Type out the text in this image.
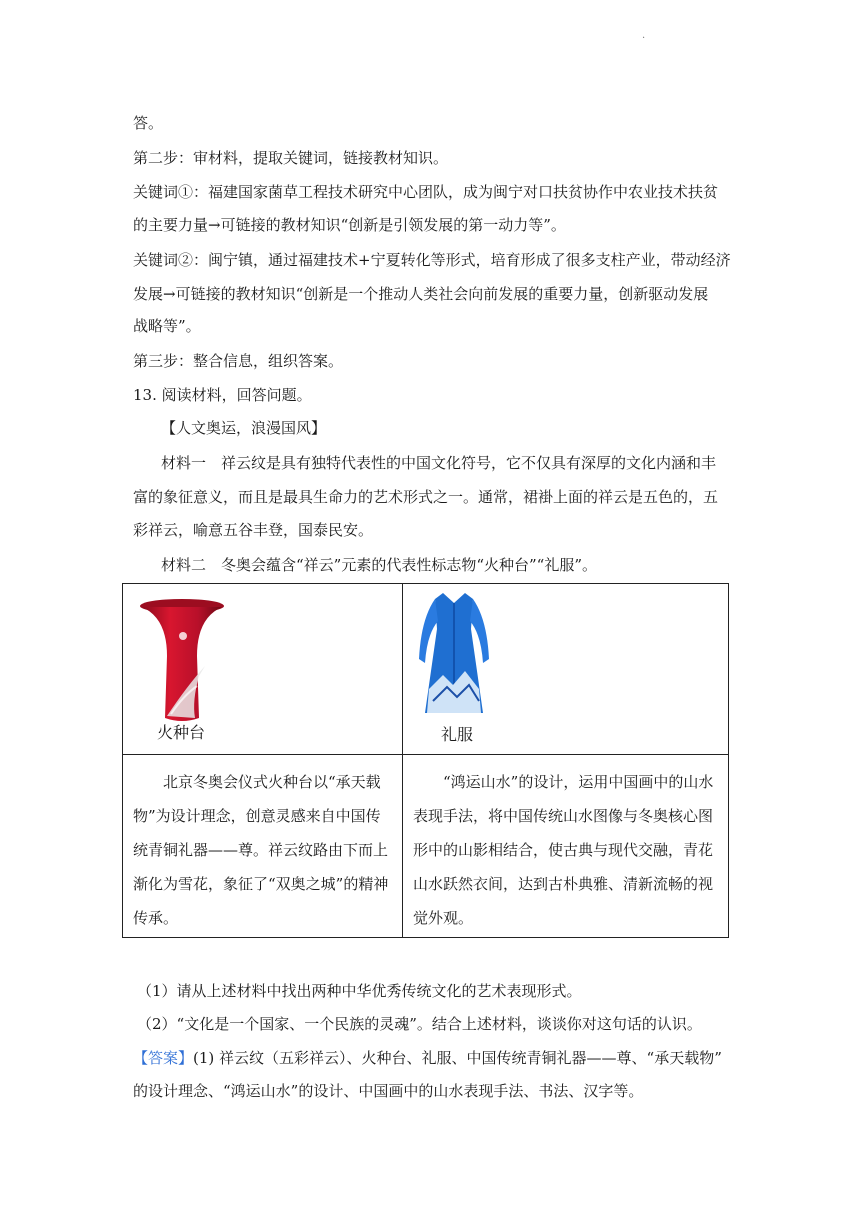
.
答。
第二步：审材料，提取关键词，链接教材知识。
关键词①：福建国家菌草工程技术研究中心团队，成为闽宁对口扶贫协作中农业技术扶贫
的主要力量→可链接的教材知识“创新是引领发展的第一动力等”。
关键词②：闽宁镇，通过福建技术+宁夏转化等形式，培育形成了很多支柱产业，带动经济
发展→可链接的教材知识“创新是一个推动人类社会向前发展的重要力量，创新驱动发展
战略等”。
第三步：整合信息，组织答案。
13. 阅读材料，回答问题。
【人文奥运，浪漫国风】
材料一　祥云纹是具有独特代表性的中国文化符号，它不仅具有深厚的文化内涵和丰
富的象征意义，而且是最具生命力的艺术形式之一。通常，裙褂上面的祥云是五色的，五
彩祥云，喻意五谷丰登，国泰民安。
材料二　冬奥会蕴含“祥云”元素的代表性标志物“火种台”“礼服”。
火种台	礼服

北京冬奥会仪式火种台以“承天载物”为设计理念，创意灵感来自中国传统青铜礼器——尊。祥云纹路由下而上渐化为雪花，象征了“双奥之城”的精神传承。	“鸿运山水”的设计，运用中国画中的山水表现手法，将中国传统山水图像与冬奥核心图形中的山影相结合，使古典与现代交融，青花山水跃然衣间，达到古朴典雅、清新流畅的视觉外观。

（1）请从上述材料中找出两种中华优秀传统文化的艺术表现形式。
（2）“文化是一个国家、一个民族的灵魂”。结合上述材料，谈谈你对这句话的认识。
【答案】(1) 祥云纹（五彩祥云）、火种台、礼服、中国传统青铜礼器——尊、“承天载物”
的设计理念、“鸿运山水”的设计、中国画中的山水表现手法、书法、汉字等。
